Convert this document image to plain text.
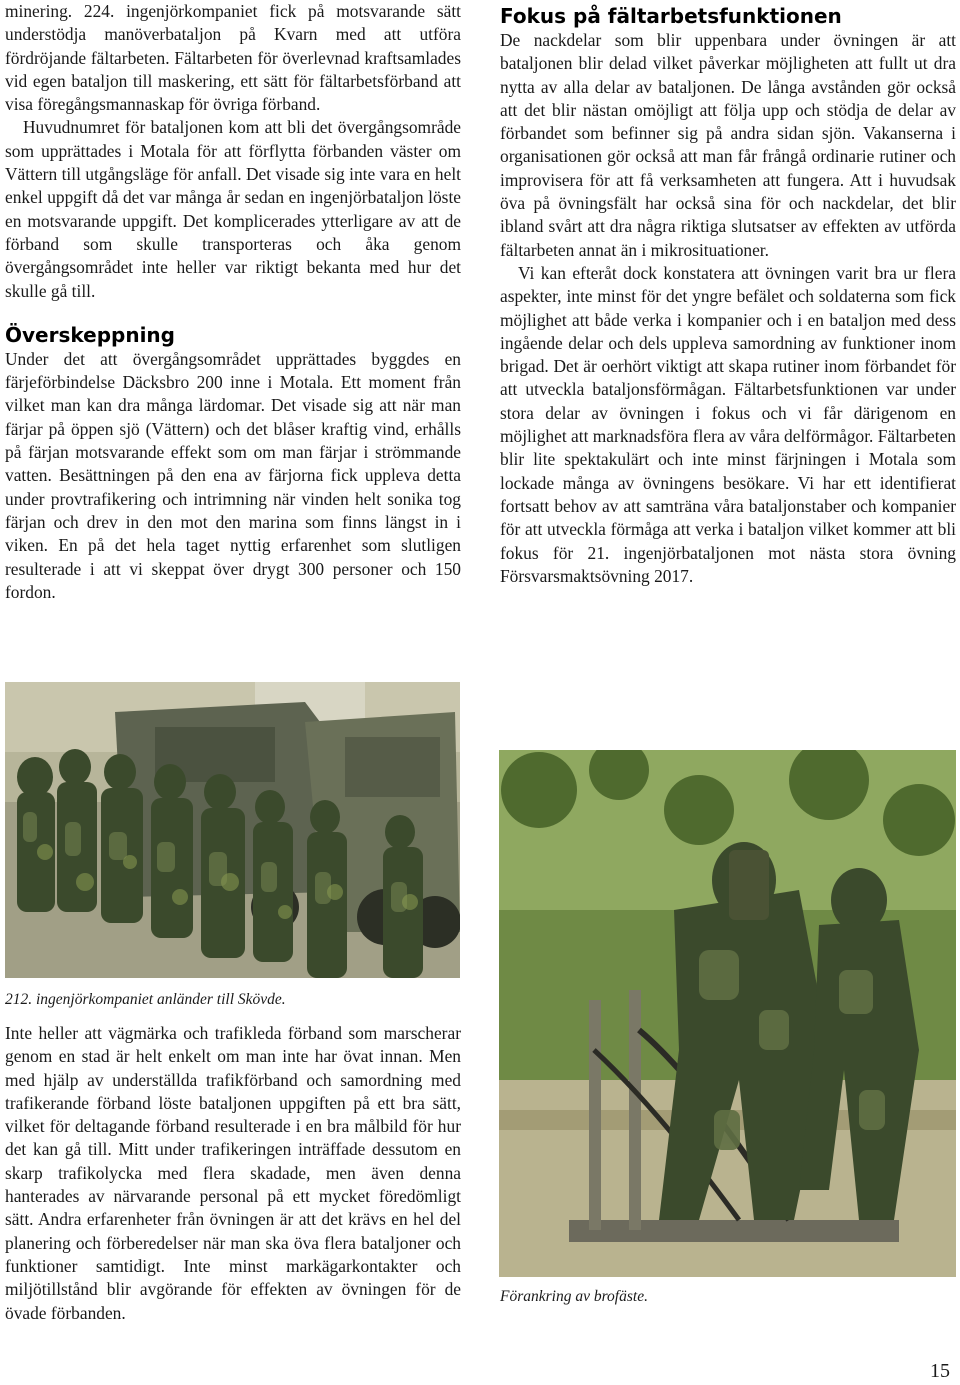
minering. 224. ingenjörkompaniet fick på motsvarande sätt understödja manöverbataljon på Kvarn med att utföra fördröjande fältarbeten. Fältarbeten för överlevnad kraftsamlades vid egen bataljon till maskering, ett sätt för fältarbetsförband att visa föregångsmannaskap för övriga förband.

Huvudnumret för bataljonen kom att bli det övergångsområde som upprättades i Motala för att förflytta förbanden väster om Vättern till utgångsläge för anfall. Det visade sig inte vara en helt enkel uppgift då det var många år sedan en ingenjörbataljon löste en motsvarande uppgift. Det komplicerades ytterligare av att de förband som skulle transporteras och åka genom övergångsområdet inte heller var riktigt bekanta med hur det skulle gå till.

Överskeppning

Under det att övergångsområdet upprättades byggdes en färjeförbindelse Däcksbro 200 inne i Motala. Ett moment från vilket man kan dra många lärdomar. Det visade sig att när man färjar på öppen sjö (Vättern) och det blåser kraftig vind, erhålls på färjan motsvarande effekt som om man färjar i strömmande vatten. Besättningen på den ena av färjorna fick uppleva detta under provtrafikering och intrimning när vinden helt sonika tog färjan och drev in den mot den marina som finns längst in i viken. En på det hela taget nyttig erfarenhet som slutligen resulterade i att vi skeppat över drygt 300 personer och 150 fordon.

Fokus på fältarbetsfunktionen

De nackdelar som blir uppenbara under övningen är att bataljonen blir delad vilket påverkar möjligheten att fullt ut dra nytta av alla delar av bataljonen. De långa avstånden gör också att det blir nästan omöjligt att följa upp och stödja de delar av förbandet som befinner sig på andra sidan sjön. Vakanserna i organisationen gör också att man får frångå ordinarie rutiner och improvisera för att få verksamheten att fungera. Att i huvudsak öva på övningsfält har också sina för och nackdelar, det blir ibland svårt att dra några riktiga slutsatser av effekten av utförda fältarbeten annat än i mikrosituationer.

Vi kan efteråt dock konstatera att övningen varit bra ur flera aspekter, inte minst för det yngre befälet och soldaterna som fick möjlighet att både verka i kompanier och i en bataljon med dess ingående delar och dels uppleva samordning av funktioner inom brigad. Det är oerhört viktigt att skapa rutiner inom förbandet för att utveckla bataljonsförmågan. Fältarbetsfunktionen var under stora delar av övningen i fokus och vi får därigenom en möjlighet att marknadsföra flera av våra delförmågor. Fältarbeten blir lite spektakulärt och inte minst färjningen i Motala som lockade många av övningens besökare. Vi har ett identifierat fortsatt behov av att samträna våra bataljonstaber och kompanier för att utveckla förmåga att verka i bataljon vilket kommer att bli fokus för 21. ingenjörbataljonen mot nästa stora övning Försvarsmaktsövning 2017.

212. ingenjörkompaniet anländer till Skövde.

Inte heller att vägmärka och trafikleda förband som marscherar genom en stad är helt enkelt om man inte har övat innan. Men med hjälp av underställda trafikförband och samordning med trafikerande förband löste bataljonen uppgiften på ett bra sätt, vilket för deltagande förband resulterade i en bra målbild för hur det kan gå till. Mitt under trafikeringen inträffade dessutom en skarp trafikolycka med flera skadade, men även denna hanterades av närvarande personal på ett mycket föredömligt sätt. Andra erfarenheter från övningen är att det krävs en hel del planering och förberedelser när man ska öva flera bataljoner och funktioner samtidigt. Inte minst markägarkontakter och miljötillstånd blir avgörande för effekten av övningen för de övade förbanden.

Förankring av brofäste.
15
